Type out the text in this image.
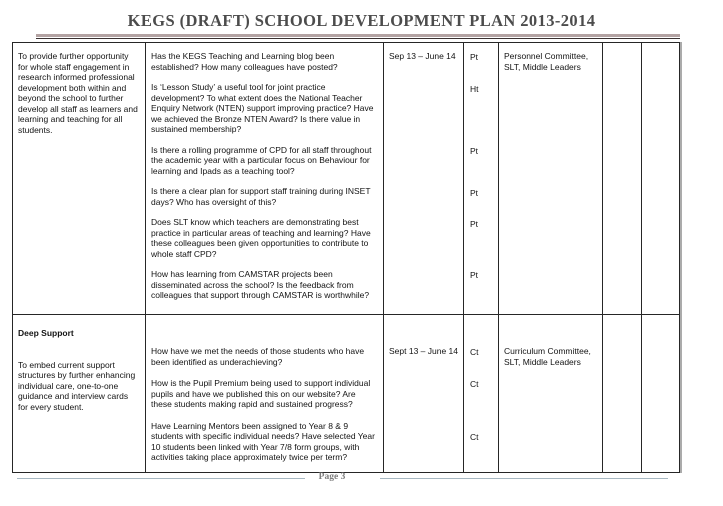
KEGS (DRAFT) SCHOOL DEVELOPMENT PLAN 2013-2014
To provide further opportunity for whole staff engagement in research informed professional development both within and beyond the school to further develop all staff as learners and learning and teaching for all students.
Has the KEGS Teaching and Learning blog been established? How many colleagues have posted?
Is ‘Lesson Study’ a useful tool for joint practice development? To what extent does the National Teacher Enquiry Network (NTEN) support improving practice? Have we achieved the Bronze NTEN Award? Is there value in sustained membership?
Is there a rolling programme of CPD for all staff throughout the academic year with a particular focus on Behaviour for learning and Ipads as a teaching tool?
Is there a clear plan for support staff training during INSET days? Who has oversight of this?
Does SLT know which teachers are demonstrating best practice in particular areas of teaching and learning? Have these colleagues been given opportunities to contribute to whole staff CPD?
How has learning from CAMSTAR projects been disseminated across the school? Is the feedback from colleagues that support through CAMSTAR is worthwhile?
Sep 13 – June 14 Pt
Ht
Pt
Pt
Pt
Pt
Personnel Committee, SLT, Middle Leaders
Deep Support
To embed current support structures by further enhancing individual care, one-to-one guidance and interview cards for every student.
How have we met the needs of those students who have been identified as underachieving?
How is the Pupil Premium being used to support individual pupils and have we published this on our website? Are these students making rapid and sustained progress?
Have Learning Mentors been assigned to Year 8 & 9 students with specific individual needs? Have selected Year 10 students been linked with Year 7/8 form groups, with activities taking place approximately twice per term?
Sept 13 – June 14 Ct
Ct
Ct
Curriculum Committee, SLT, Middle Leaders
Page 3
